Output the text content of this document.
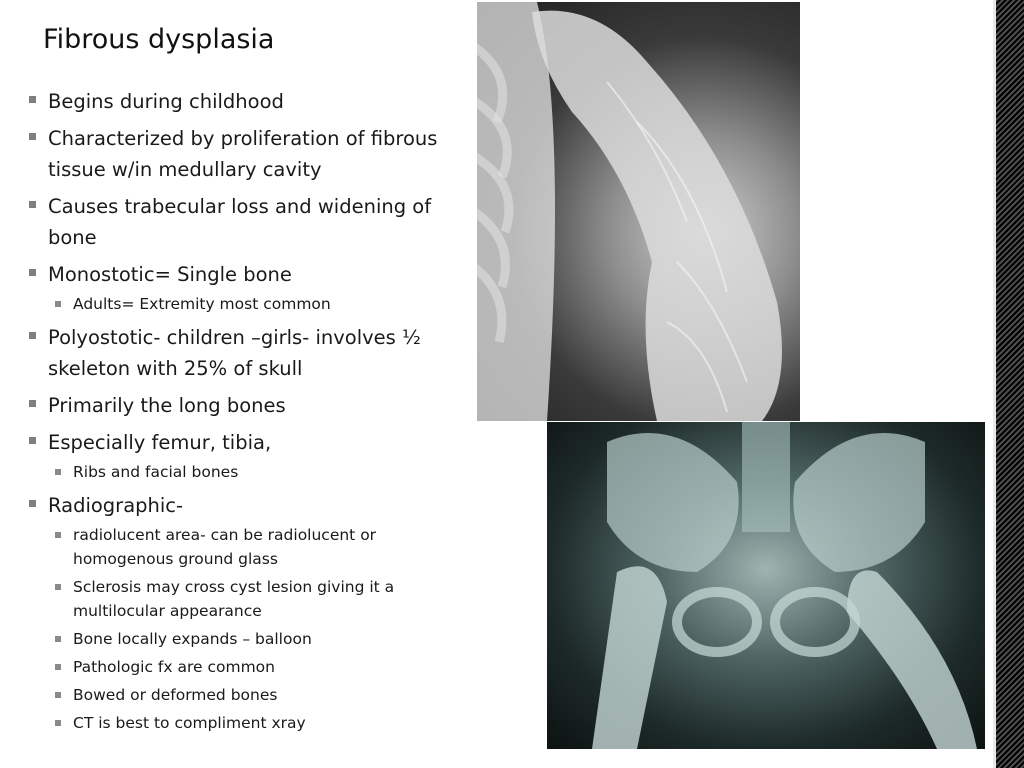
Fibrous dysplasia
Begins during childhood
Characterized by proliferation of fibrous tissue w/in medullary cavity
Causes trabecular loss and widening of bone
Monostotic= Single bone
Adults= Extremity most common
Polyostotic- children –girls- involves ½ skeleton with 25% of skull
Primarily the long bones
Especially femur, tibia,
Ribs and facial bones
Radiographic-
radiolucent area- can be radiolucent or homogenous ground glass
Sclerosis may cross cyst lesion giving it a multilocular appearance
Bone locally expands – balloon
Pathologic fx are common
Bowed or deformed bones
CT is best to compliment xray
